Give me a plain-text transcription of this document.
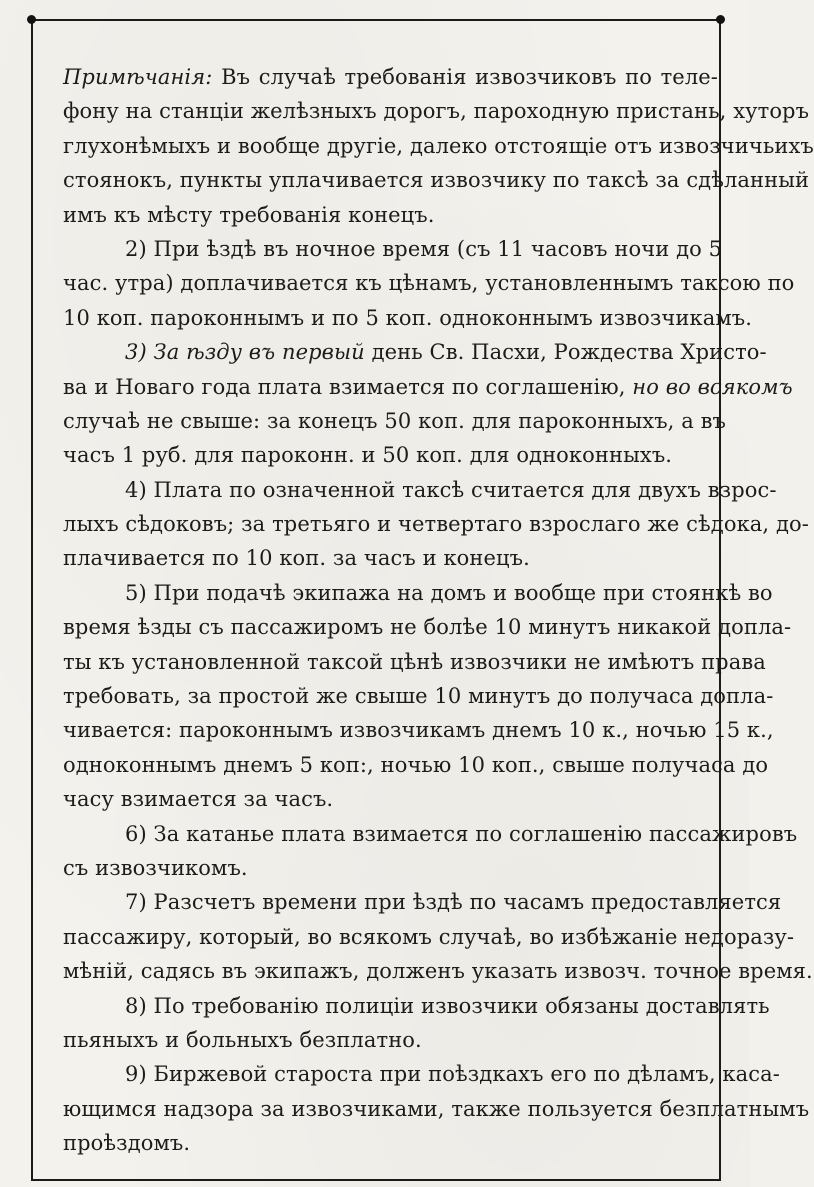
Примѣчанія: Въ случаѣ требованія извозчиковъ по теле-
фону на станціи желѣзныхъ дорогъ, пароходную пристань, хуторъ
глухонѣмыхъ и вообще другіе, далеко отстоящіе отъ извозчичьихъ
стоянокъ, пункты уплачивается извозчику по таксѣ за сдѣланный
имъ къ мѣсту требованія конецъ.
2) При ѣздѣ въ ночное время (съ 11 часовъ ночи до 5
час. утра) доплачивается къ цѣнамъ, установленнымъ таксою по
10 коп. пароконнымъ и по 5 коп. одноконнымъ извозчикамъ.
3) За ѣзду въ первый день Св. Пасхи, Рождества Христо-
ва и Новаго года плата взимается по соглашенію, но во всякомъ
случаѣ не свыше: за конецъ 50 коп. для пароконныхъ, а въ
часъ 1 руб. для пароконн. и 50 коп. для одноконныхъ.
4) Плата по означенной таксѣ считается для двухъ взрос-
лыхъ сѣдоковъ; за третьяго и четвертаго взрослаго же сѣдока, до-
плачивается по 10 коп. за часъ и конецъ.
5) При подачѣ экипажа на домъ и вообще при стоянкѣ во
время ѣзды съ пассажиромъ не болѣе 10 минутъ никакой допла-
ты къ установленной таксой цѣнѣ извозчики не имѣютъ права
требовать, за простой же свыше 10 минутъ до получаса допла-
чивается: пароконнымъ извозчикамъ днемъ 10 к., ночью 15 к.,
одноконнымъ днемъ 5 коп:, ночью 10 коп., свыше получаса до
часу взимается за часъ.
6) За катанье плата взимается по соглашенію пассажировъ
съ извозчикомъ.
7) Разсчетъ времени при ѣздѣ по часамъ предоставляется
пассажиру, который, во всякомъ случаѣ, во избѣжаніе недоразу-
мѣній, садясь въ экипажъ, долженъ указать извозч. точное время.
8) По требованію полиціи извозчики обязаны доставлять
пьяныхъ и больныхъ безплатно.
9) Биржевой староста при поѣздкахъ его по дѣламъ, каса-
ющимся надзора за извозчиками, также пользуется безплатнымъ
проѣздомъ.
